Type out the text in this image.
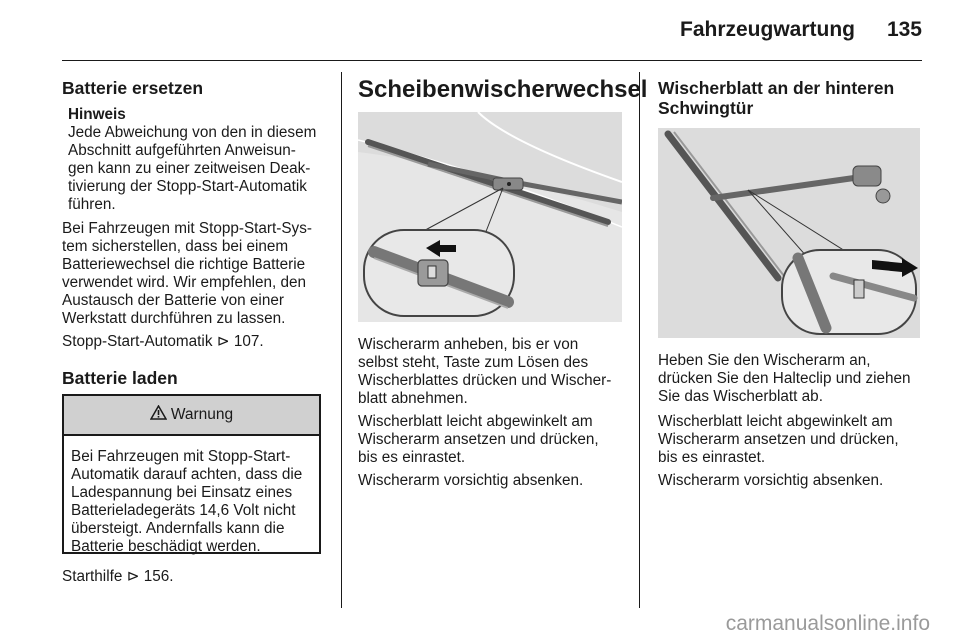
Fahrzeugwartung	135
Batterie ersetzen
Hinweis
Jede Abweichung von den in diesem
Abschnitt aufgeführten Anweisun-
gen kann zu einer zeitweisen Deak-
tivierung der Stopp-Start-Automatik
führen.
Bei Fahrzeugen mit Stopp-Start-Sys-
tem sicherstellen, dass bei einem
Batteriewechsel die richtige Batterie
verwendet wird. Wir empfehlen, den
Austausch der Batterie von einer
Werkstatt durchführen zu lassen.
Stopp-Start-Automatik ⊳ 107.
Batterie laden
Warnung
Bei Fahrzeugen mit Stopp-Start-
Automatik darauf achten, dass die
Ladespannung bei Einsatz eines
Batterieladegeräts 14,6 Volt nicht
übersteigt. Andernfalls kann die
Batterie beschädigt werden.
Starthilfe ⊳ 156.
Scheibenwischerwechsel
Wischerarm anheben, bis er von
selbst steht, Taste zum Lösen des
Wischerblattes drücken und Wischer-
blatt abnehmen.
Wischerblatt leicht abgewinkelt am
Wischerarm ansetzen und drücken,
bis es einrastet.
Wischerarm vorsichtig absenken.
Wischerblatt an der hinteren
Schwingtür
Heben Sie den Wischerarm an,
drücken Sie den Halteclip und ziehen
Sie das Wischerblatt ab.
Wischerblatt leicht abgewinkelt am
Wischerarm ansetzen und drücken,
bis es einrastet.
Wischerarm vorsichtig absenken.
carmanualsonline.info
